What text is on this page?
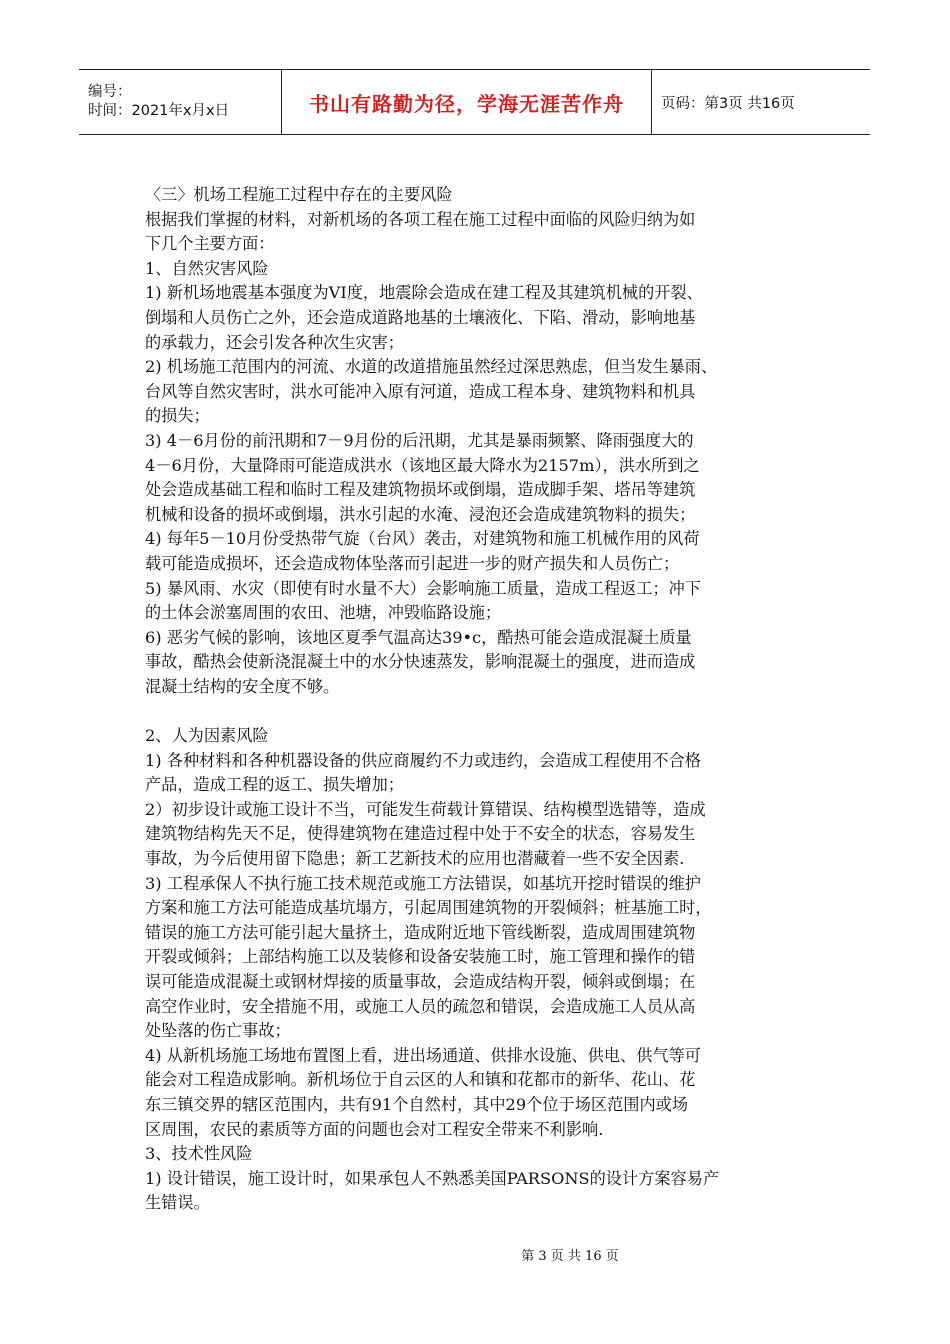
编号：
时间：2021年x月x日	书山有路勤为径，学海无涯苦作舟	页码：第3页 共16页

〈三〉机场工程施工过程中存在的主要风险

根据我们掌握的材料，对新机场的各项工程在施工过程中面临的风险归纳为如

下几个主要方面：

1、自然灾害风险

1) 新机场地震基本强度为VI度，地震除会造成在建工程及其建筑机械的开裂、

倒塌和人员伤亡之外，还会造成道路地基的土壤液化、下陷、滑动，影响地基

的承载力，还会引发各种次生灾害；

2) 机场施工范围内的河流、水道的改道措施虽然经过深思熟虑，但当发生暴雨、

台风等自然灾害时，洪水可能冲入原有河道，造成工程本身、建筑物料和机具

的损失；

3) 4－6月份的前汛期和7－9月份的后汛期，尤其是暴雨频繁、降雨强度大的

4－6月份，大量降雨可能造成洪水（该地区最大降水为2157m），洪水所到之

处会造成基础工程和临时工程及建筑物损坏或倒塌，造成脚手架、塔吊等建筑

机械和设备的损坏或倒塌，洪水引起的水淹、浸泡还会造成建筑物料的损失；

4) 每年5－10月份受热带气旋（台风）袭击，对建筑物和施工机械作用的风荷

载可能造成损坏，还会造成物体坠落而引起进一步的财产损失和人员伤亡；

5) 暴风雨、水灾（即使有时水量不大）会影响施工质量，造成工程返工；冲下

的土体会淤塞周围的农田、池塘，冲毁临路设施；

6) 恶劣气候的影响，该地区夏季气温高达39•c，酷热可能会造成混凝土质量

事故，酷热会使新浇混凝土中的水分快速蒸发，影响混凝土的强度，进而造成

混凝土结构的安全度不够。

2、人为因素风险

1) 各种材料和各种机器设备的供应商履约不力或违约，会造成工程使用不合格

产品，造成工程的返工、损失增加；

2）初步设计或施工设计不当，可能发生荷载计算错误、结构模型选错等，造成

建筑物结构先天不足，使得建筑物在建造过程中处于不安全的状态，容易发生

事故，为今后使用留下隐患；新工艺新技术的应用也潜藏着一些不安全因素.

3) 工程承保人不执行施工技术规范或施工方法错误，如基坑开挖时错误的维护

方案和施工方法可能造成基坑塌方，引起周围建筑物的开裂倾斜；桩基施工时，

错误的施工方法可能引起大量挤土，造成附近地下管线断裂，造成周围建筑物

开裂或倾斜；上部结构施工以及装修和设备安装施工时，施工管理和操作的错

误可能造成混凝土或钢材焊接的质量事故，会造成结构开裂，倾斜或倒塌；在

高空作业时，安全措施不用，或施工人员的疏忽和错误，会造成施工人员从高

处坠落的伤亡事故；

4) 从新机场施工场地布置图上看，进出场通道、供排水设施、供电、供气等可

能会对工程造成影响。新机场位于自云区的人和镇和花都市的新华、花山、花

东三镇交界的辖区范围内，共有91个自然村，其中29个位于场区范围内或场

区周围，农民的素质等方面的问题也会对工程安全带来不利影响.

3、技术性风险

1) 设计错误，施工设计时，如果承包人不熟悉美国PARSONS的设计方案容易产

生错误。

第 3 页 共 16 页
